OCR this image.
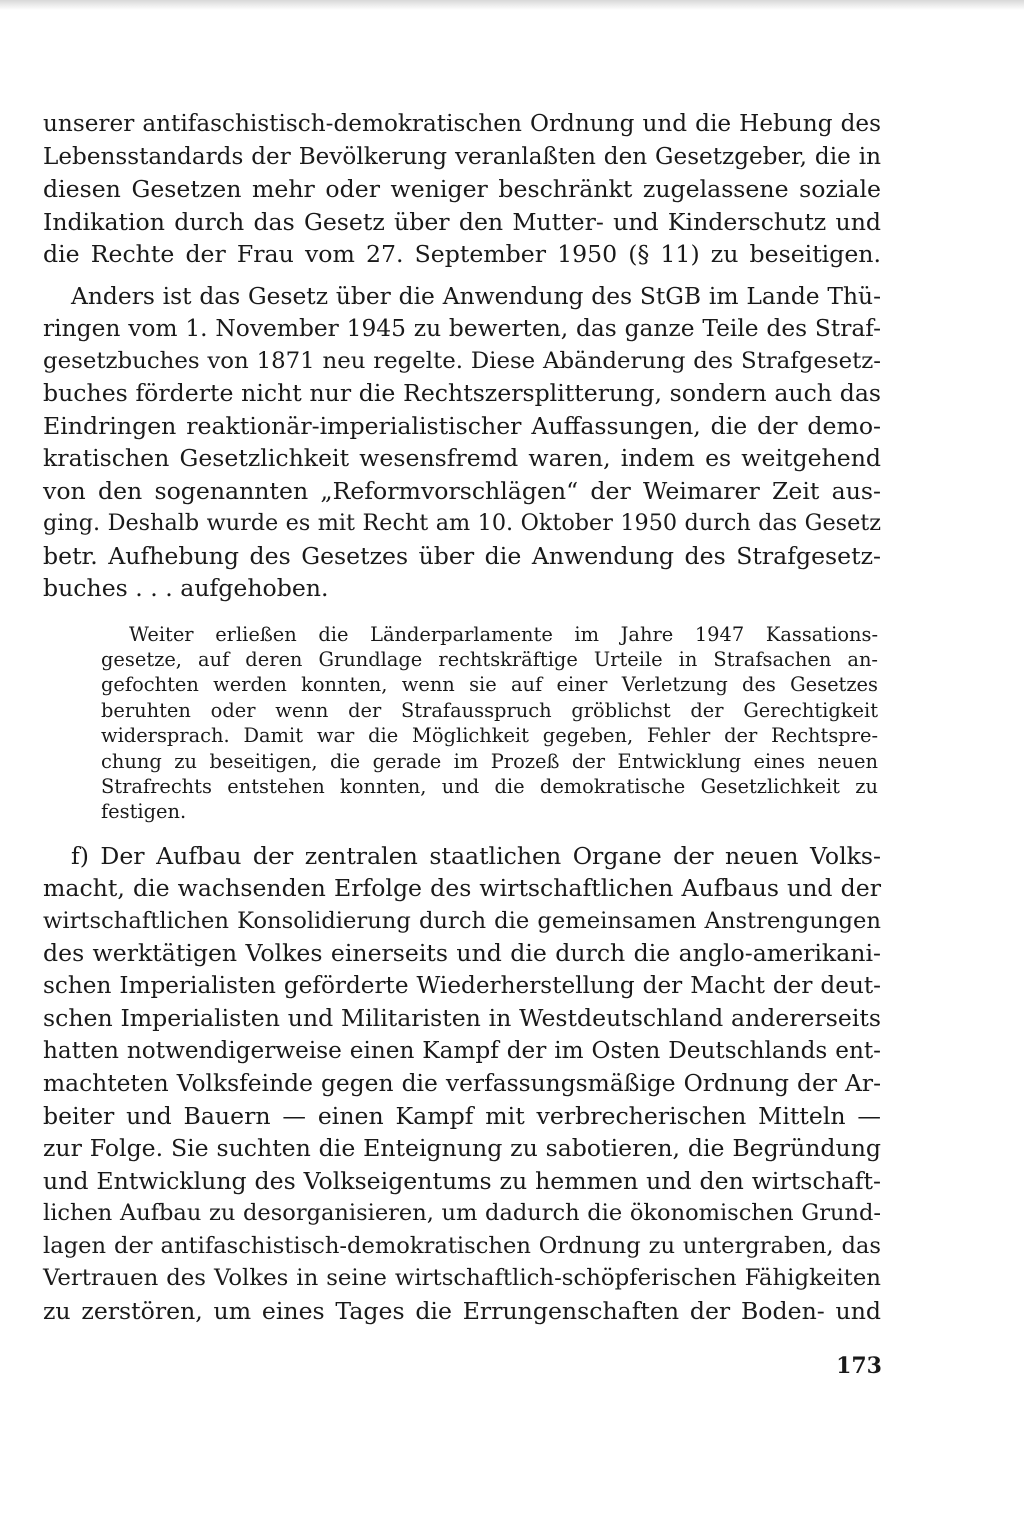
unserer antifaschistisch-demokratischen Ordnung und die Hebung des
Lebensstandards der Bevölkerung veranlaßten den Gesetzgeber, die in
diesen Gesetzen mehr oder weniger beschränkt zugelassene soziale
Indikation durch das Gesetz über den Mutter- und Kinderschutz und
die Rechte der Frau vom 27. September 1950 (§ 11) zu beseitigen.

Anders ist das Gesetz über die Anwendung des StGB im Lande Thü-
ringen vom 1. November 1945 zu bewerten, das ganze Teile des Straf-
gesetzbuches von 1871 neu regelte. Diese Abänderung des Strafgesetz-
buches förderte nicht nur die Rechtszersplitterung, sondern auch das
Eindringen reaktionär-imperialistischer Auffassungen, die der demo-
kratischen Gesetzlichkeit wesensfremd waren, indem es weitgehend
von den sogenannten „Reformvorschlägen“ der Weimarer Zeit aus-
ging. Deshalb wurde es mit Recht am 10. Oktober 1950 durch das Gesetz
betr. Aufhebung des Gesetzes über die Anwendung des Strafgesetz-
buches . . . aufgehoben.

Weiter erließen die Länderparlamente im Jahre 1947 Kassations-
gesetze, auf deren Grundlage rechtskräftige Urteile in Strafsachen an-
gefochten werden konnten, wenn sie auf einer Verletzung des Gesetzes
beruhten oder wenn der Strafausspruch gröblichst der Gerechtigkeit
widersprach. Damit war die Möglichkeit gegeben, Fehler der Rechtspre-
chung zu beseitigen, die gerade im Prozeß der Entwicklung eines neuen
Strafrechts entstehen konnten, und die demokratische Gesetzlichkeit zu
festigen.

f) Der Aufbau der zentralen staatlichen Organe der neuen Volks-
macht, die wachsenden Erfolge des wirtschaftlichen Aufbaus und der
wirtschaftlichen Konsolidierung durch die gemeinsamen Anstrengungen
des werktätigen Volkes einerseits und die durch die anglo-amerikani-
schen Imperialisten geförderte Wiederherstellung der Macht der deut-
schen Imperialisten und Militaristen in Westdeutschland andererseits
hatten notwendigerweise einen Kampf der im Osten Deutschlands ent-
machteten Volksfeinde gegen die verfassungsmäßige Ordnung der Ar-
beiter und Bauern — einen Kampf mit verbrecherischen Mitteln —
zur Folge. Sie suchten die Enteignung zu sabotieren, die Begründung
und Entwicklung des Volkseigentums zu hemmen und den wirtschaft-
lichen Aufbau zu desorganisieren, um dadurch die ökonomischen Grund-
lagen der antifaschistisch-demokratischen Ordnung zu untergraben, das
Vertrauen des Volkes in seine wirtschaftlich-schöpferischen Fähigkeiten
zu zerstören, um eines Tages die Errungenschaften der Boden- und

173
